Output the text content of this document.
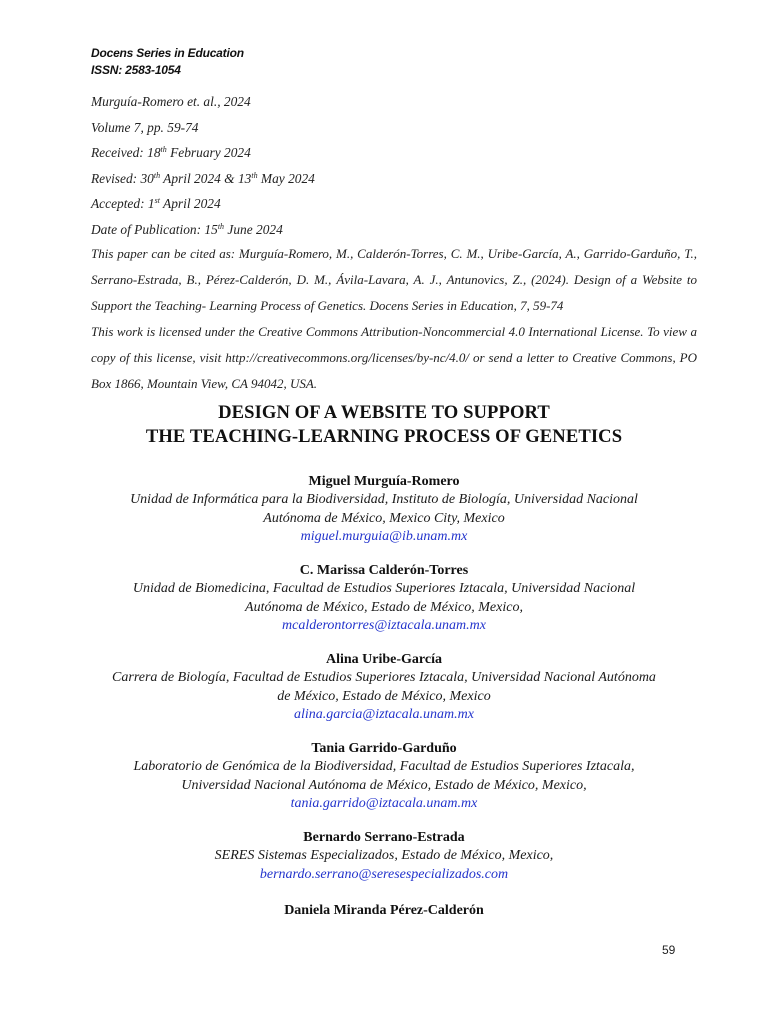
Docens Series in Education
ISSN: 2583-1054
Murguía-Romero et. al., 2024
Volume 7, pp. 59-74
Received: 18th February 2024
Revised: 30th April 2024 & 13th May 2024
Accepted: 1st April 2024
Date of Publication: 15th June 2024

This paper can be cited as: Murguía-Romero, M., Calderón-Torres, C. M., Uribe-García, A., Garrido-Garduño, T., Serrano-Estrada, B., Pérez-Calderón, D. M., Ávila-Lavara, A. J., Antunovics, Z., (2024). Design of a Website to Support the Teaching- Learning Process of Genetics. Docens Series in Education, 7, 59-74

This work is licensed under the Creative Commons Attribution-Noncommercial 4.0 International License. To view a copy of this license, visit http://creativecommons.org/licenses/by-nc/4.0/ or send a letter to Creative Commons, PO Box 1866, Mountain View, CA 94042, USA.

DESIGN OF A WEBSITE TO SUPPORT
THE TEACHING-LEARNING PROCESS OF GENETICS
Miguel Murguía-Romero
Unidad de Informática para la Biodiversidad, Instituto de Biología, Universidad Nacional
Autónoma de México, Mexico City, Mexico
miguel.murguia@ib.unam.mx
C. Marissa Calderón-Torres
Unidad de Biomedicina, Facultad de Estudios Superiores Iztacala, Universidad Nacional
Autónoma de México, Estado de México, Mexico,
mcalderontorres@iztacala.unam.mx
Alina Uribe-García
Carrera de Biología, Facultad de Estudios Superiores Iztacala, Universidad Nacional Autónoma
de México, Estado de México, Mexico
alina.garcia@iztacala.unam.mx
Tania Garrido-Garduño
Laboratorio de Genómica de la Biodiversidad, Facultad de Estudios Superiores Iztacala,
Universidad Nacional Autónoma de México, Estado de México, Mexico,
tania.garrido@iztacala.unam.mx
Bernardo Serrano-Estrada
SERES Sistemas Especializados, Estado de México, Mexico,
bernardo.serrano@seresespecializados.com
Daniela Miranda Pérez-Calderón
59
